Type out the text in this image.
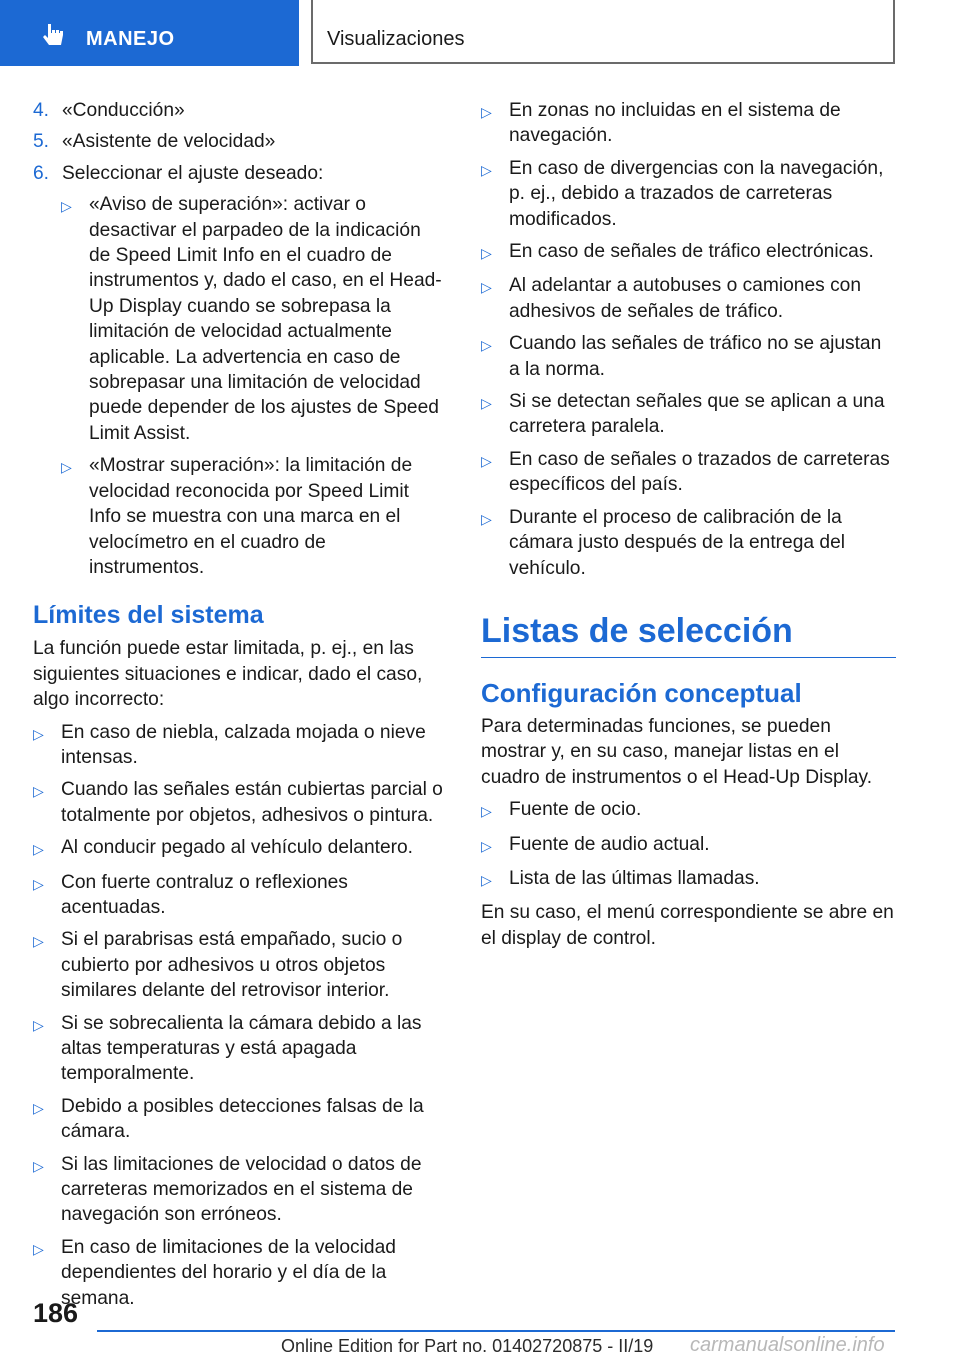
MANEJO	Visualizaciones
4. «Conducción»
5. «Asistente de velocidad»
6. Seleccionar el ajuste deseado:
▷ «Aviso de superación»: activar o desactivar el parpadeo de la indicación de Speed Limit Info en el cuadro de instrumentos y, dado el caso, en el Head-Up Display cuando se sobrepasa la limitación de velocidad actualmente aplicable. La advertencia en caso de sobrepasar una limitación de velocidad puede depender de los ajustes de Speed Limit Assist.
▷ «Mostrar superación»: la limitación de velocidad reconocida por Speed Limit Info se muestra con una marca en el velocímetro en el cuadro de instrumentos.
Límites del sistema

La función puede estar limitada, p. ej., en las siguientes situaciones e indicar, dado el caso, algo incorrecto:

▷ En caso de niebla, calzada mojada o nieve intensas.
▷ Cuando las señales están cubiertas parcial o totalmente por objetos, adhesivos o pintura.
▷ Al conducir pegado al vehículo delantero.
▷ Con fuerte contraluz o reflexiones acentuadas.
▷ Si el parabrisas está empañado, sucio o cubierto por adhesivos u otros objetos similares delante del retrovisor interior.
▷ Si se sobrecalienta la cámara debido a las altas temperaturas y está apagada temporalmente.
▷ Debido a posibles detecciones falsas de la cámara.
▷ Si las limitaciones de velocidad o datos de carreteras memorizados en el sistema de navegación son erróneos.
▷ En caso de limitaciones de la velocidad dependientes del horario y el día de la semana.
▷ En zonas no incluidas en el sistema de navegación.
▷ En caso de divergencias con la navegación, p. ej., debido a trazados de carreteras modificados.
▷ En caso de señales de tráfico electrónicas.
▷ Al adelantar a autobuses o camiones con adhesivos de señales de tráfico.
▷ Cuando las señales de tráfico no se ajustan a la norma.
▷ Si se detectan señales que se aplican a una carretera paralela.
▷ En caso de señales o trazados de carreteras específicos del país.
▷ Durante el proceso de calibración de la cámara justo después de la entrega del vehículo.
Listas de selección
Configuración conceptual

Para determinadas funciones, se pueden mostrar y, en su caso, manejar listas en el cuadro de instrumentos o el Head-Up Display.

▷ Fuente de ocio.
▷ Fuente de audio actual.
▷ Lista de las últimas llamadas.

En su caso, el menú correspondiente se abre en el display de control.

186
Online Edition for Part no. 01402720875 - II/19 carmanualsonline.info
